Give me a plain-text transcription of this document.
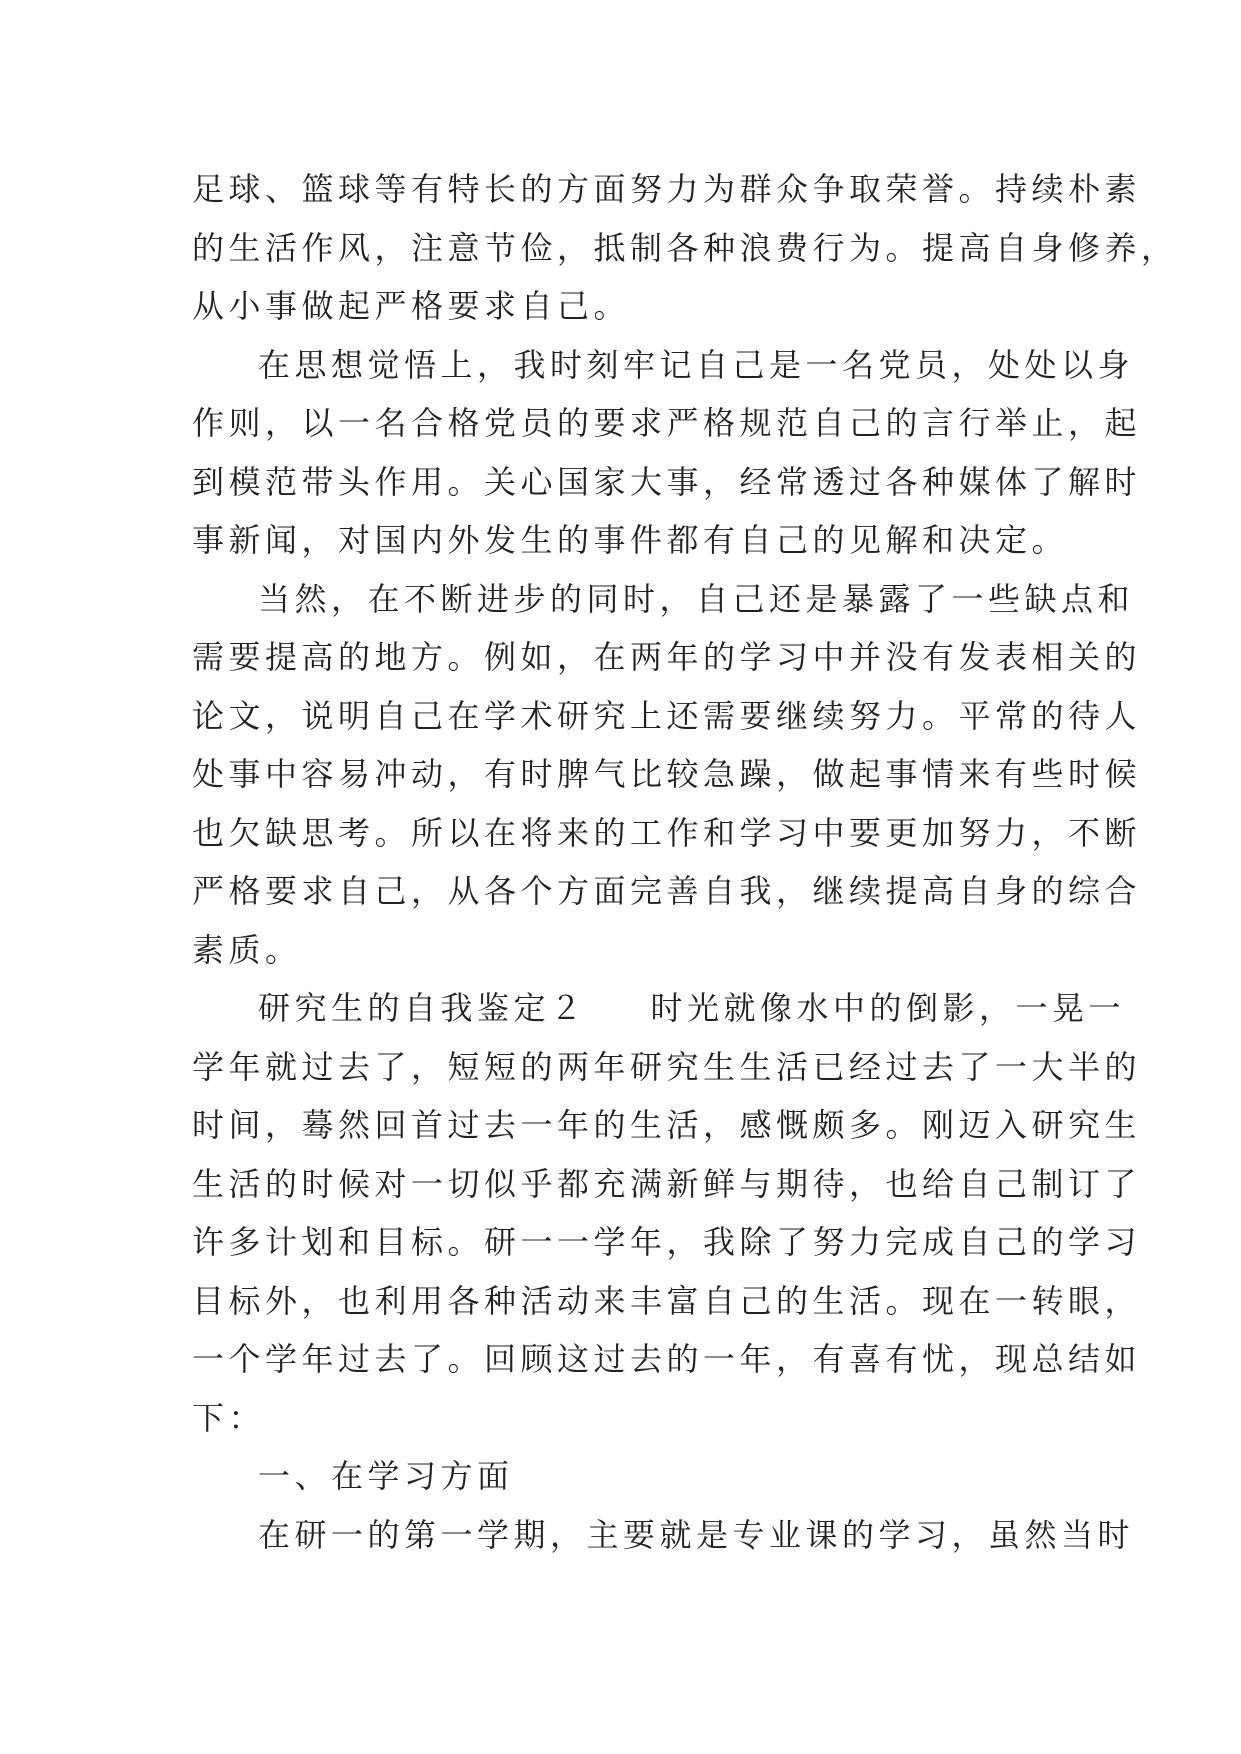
足球、篮球等有特长的方面努力为群众争取荣誉。持续朴素
的生活作风，注意节俭，抵制各种浪费行为。提高自身修养，
从小事做起严格要求自己。
在思想觉悟上，我时刻牢记自己是一名党员，处处以身
作则，以一名合格党员的要求严格规范自己的言行举止，起
到模范带头作用。关心国家大事，经常透过各种媒体了解时
事新闻，对国内外发生的事件都有自己的见解和决定。
当然，在不断进步的同时，自己还是暴露了一些缺点和
需要提高的地方。例如，在两年的学习中并没有发表相关的
论文，说明自己在学术研究上还需要继续努力。平常的待人
处事中容易冲动，有时脾气比较急躁，做起事情来有些时候
也欠缺思考。所以在将来的工作和学习中要更加努力，不断
严格要求自己，从各个方面完善自我，继续提高自身的综合
素质。
研究生的自我鉴定２ 时光就像水中的倒影，一晃一
学年就过去了，短短的两年研究生生活已经过去了一大半的
时间，蓦然回首过去一年的生活，感慨颇多。刚迈入研究生
生活的时候对一切似乎都充满新鲜与期待，也给自己制订了
许多计划和目标。研一一学年，我除了努力完成自己的学习
目标外，也利用各种活动来丰富自己的生活。现在一转眼，
一个学年过去了。回顾这过去的一年，有喜有忧，现总结如
下：
一、在学习方面
在研一的第一学期，主要就是专业课的学习，虽然当时
